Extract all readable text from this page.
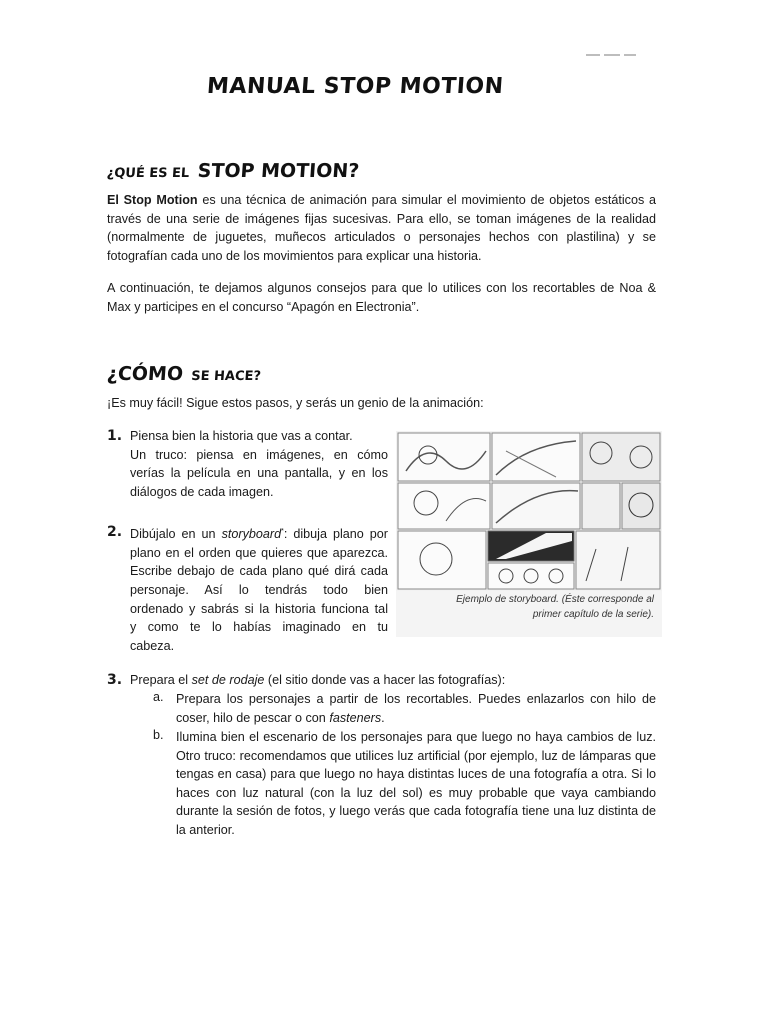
MANUAL STOP MOTION
¿QUÉ ES EL STOP MOTION?

El Stop Motion es una técnica de animación para simular el movimiento de objetos estáticos a través de una serie de imágenes fijas sucesivas. Para ello, se toman imágenes de la realidad (normalmente de juguetes, muñecos articulados o personajes hechos con plastilina) y se fotografían cada uno de los movimientos para explicar una historia.

A continuación, te dejamos algunos consejos para que lo utilices con los recortables de Noa & Max y participes en el concurso “Apagón en Electronia”.

¿CÓMO SE HACE?

¡Es muy fácil! Sigue estos pasos, y serás un genio de la animación:

1. Piensa bien la historia que vas a contar.
Un truco: piensa en imágenes, en cómo
verías la película en una pantalla, y en los
diálogos de cada imagen.
2. Dibújalo en un storyboard*: dibuja plano por
plano en el orden que quieres que aparezca.
Escribe debajo de cada plano qué dirá cada
personaje. Así lo tendrás todo bien
ordenado y sabrás si la historia funciona tal
y como te lo habías imaginado en tu
cabeza.

Ejemplo de storyboard. (Éste corresponde al
primer capítulo de la serie).

3. Prepara el set de rodaje (el sitio donde vas a hacer las fotografías):
a. Prepara los personajes a partir de los recortables. Puedes enlazarlos con hilo de coser, hilo de pescar o con fasteners.

b. Ilumina bien el escenario de los personajes para que luego no haya cambios de luz. Otro truco: recomendamos que utilices luz artificial (por ejemplo, luz de lámparas que tengas en casa) para que luego no haya distintas luces de una fotografía a otra. Si lo haces con luz natural (con la luz del sol) es muy probable que vaya cambiando durante la sesión de fotos, y luego verás que cada fotografía tiene una luz distinta de la anterior.
